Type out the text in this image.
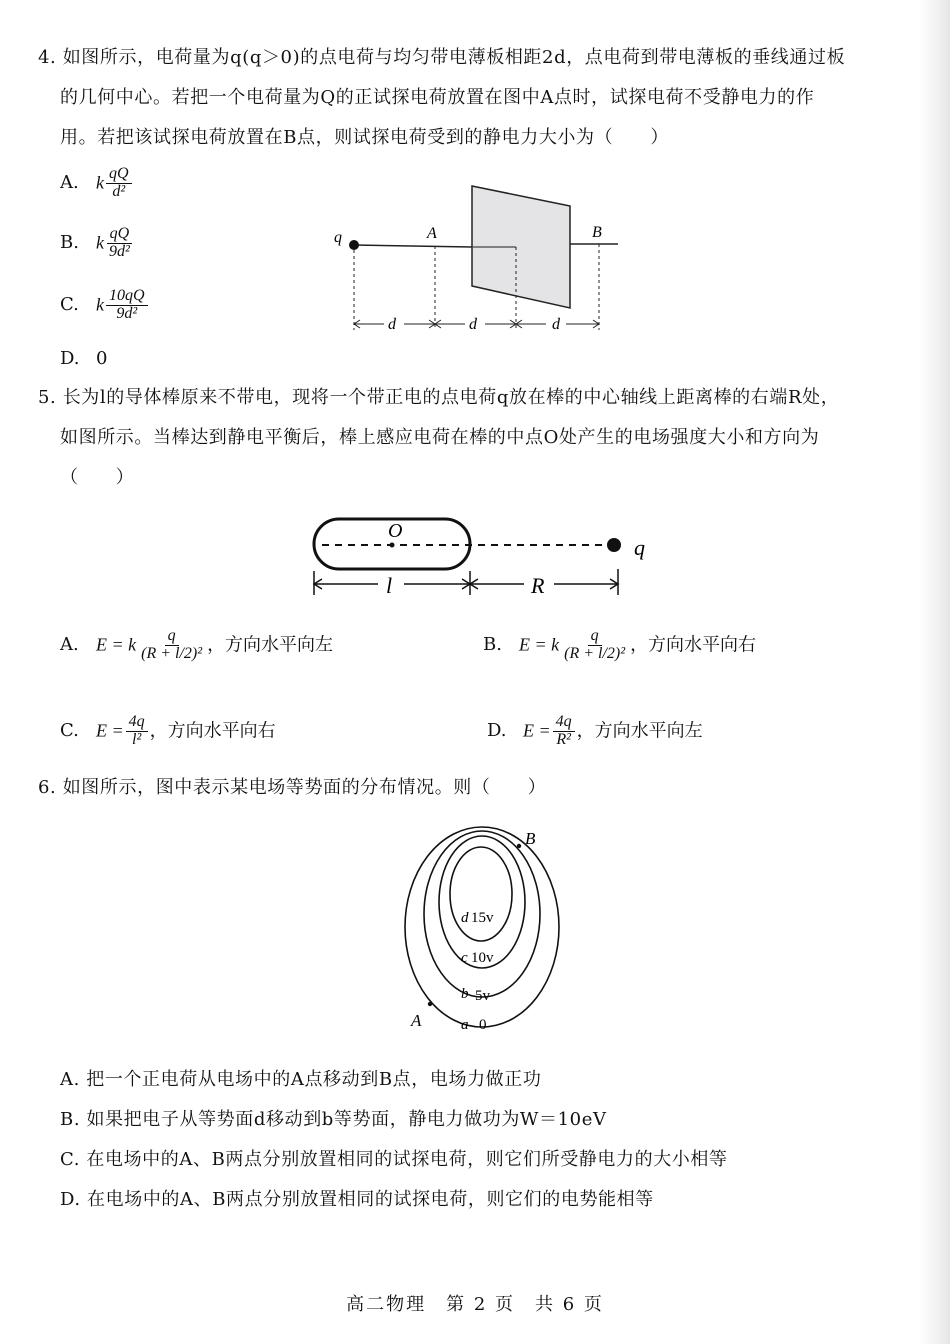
4. 如图所示，电荷量为q(q＞0)的点电荷与均匀带电薄板相距2d，点电荷到带电薄板的垂线通过板
的几何中心。若把一个电荷量为Q的正试探电荷放置在图中A点时，试探电荷不受静电力的作
用。若把该试探电荷放置在B点，则试探电荷受到的静电力大小为（　　）
A. k $\frac{qQ}{\text{d²}}$
B. k $\frac{qQ}{\text{9d²}}$
C. k $\frac{10qQ}{\text{9d²}}$
D. 0
q	A	B
d	d	d
5. 长为l的导体棒原来不带电，现将一个带正电的点电荷q放在棒的中心轴线上距离棒的右端R处，
如图所示。当棒达到静电平衡后，棒上感应电荷在棒的中点O处产生的电场强度大小和方向为
（　　）
O
q
l	R
A. E = k $\frac{q}{\text{(R + l/2)²}}$ ，方向水平向左	B. E = k $\frac{q}{\text{(R + l/2)²}}$ ，方向水平向右
C. $E = \frac{4q}{\text{l²}}$ ，方向水平向右	D. $E = \frac{4q}{\text{R²}}$ ，方向水平向左
6. 如图所示，图中表示某电场等势面的分布情况。则（　　）
B
A
d 15v
c 10v
b 5v
a 0
A. 把一个正电荷从电场中的A点移动到B点，电场力做正功
B. 如果把电子从等势面d移动到b等势面，静电力做功为W＝10eV
C. 在电场中的A、B两点分别放置相同的试探电荷，则它们所受静电力的大小相等
D. 在电场中的A、B两点分别放置相同的试探电荷，则它们的电势能相等
高二物理　第 2 页　共 6 页
